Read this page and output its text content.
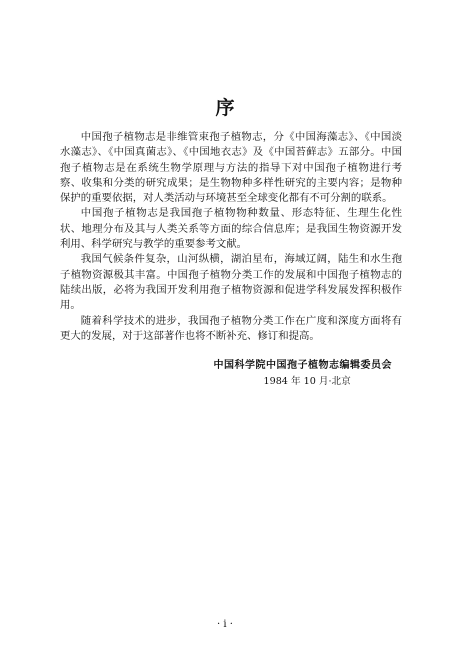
序

中国孢子植物志是非维管束孢子植物志，分《中国海藻志》、《中国淡水藻志》、《中国真菌志》、《中国地衣志》及《中国苔藓志》五部分。中国孢子植物志是在系统生物学原理与方法的指导下对中国孢子植物进行考察、收集和分类的研究成果；是生物物种多样性研究的主要内容；是物种保护的重要依据，对人类活动与环境甚至全球变化都有不可分割的联系。

中国孢子植物志是我国孢子植物物种数量、形态特征、生理生化性状、地理分布及其与人类关系等方面的综合信息库；是我国生物资源开发利用、科学研究与教学的重要参考文献。

我国气候条件复杂，山河纵横，湖泊星布，海域辽阔，陆生和水生孢子植物资源极其丰富。中国孢子植物分类工作的发展和中国孢子植物志的陆续出版，必将为我国开发利用孢子植物资源和促进学科发展发挥积极作用。

随着科学技术的进步，我国孢子植物分类工作在广度和深度方面将有更大的发展，对于这部著作也将不断补充、修订和提高。

中国科学院中国孢子植物志编辑委员会
1984 年 10 月·北京
· i ·
